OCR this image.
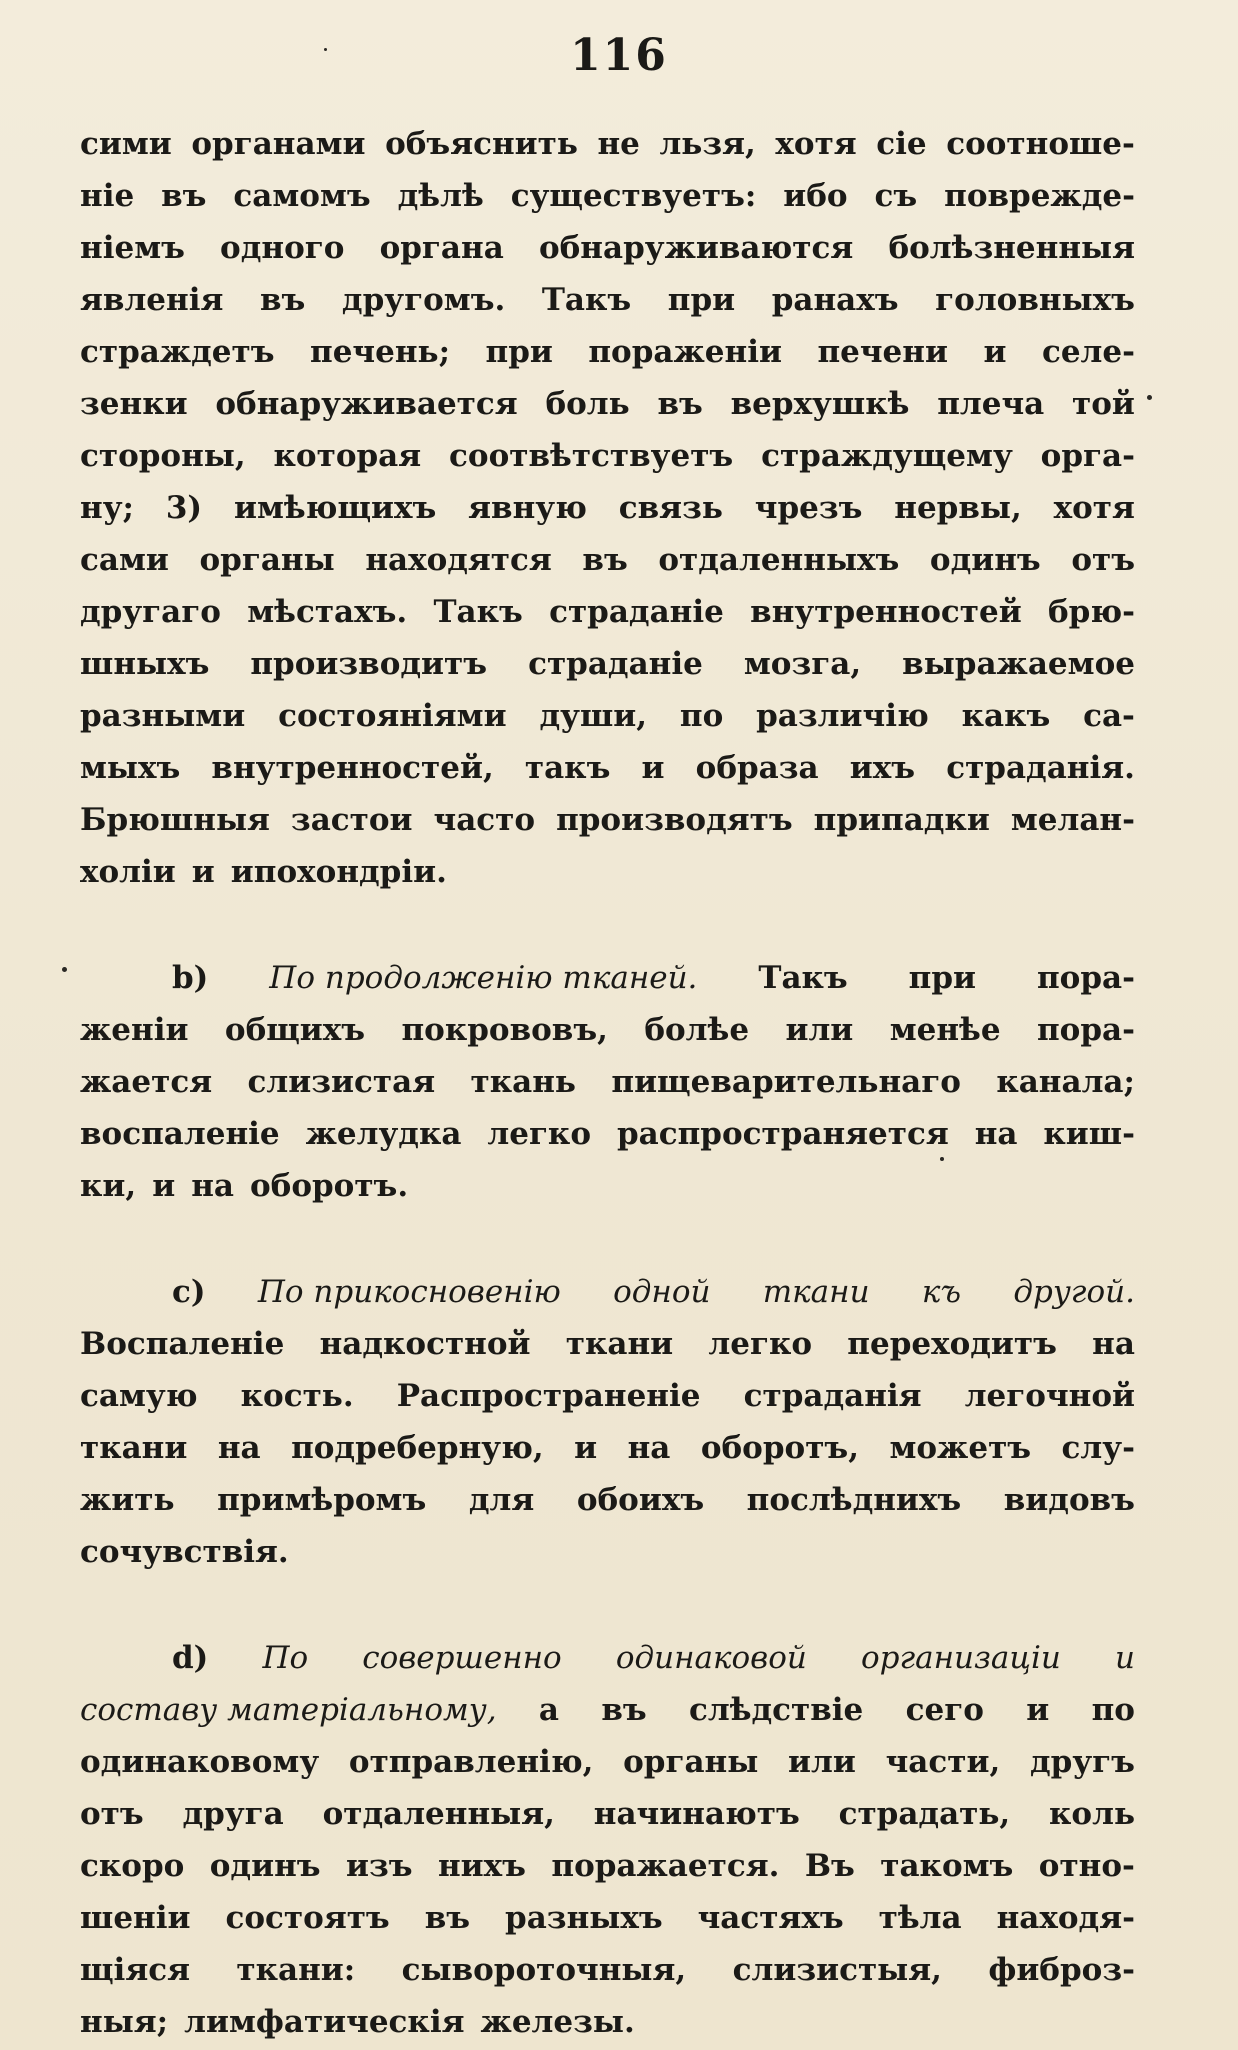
116
сими органами объяснить не льзя, хотя сiе соотноше-
нiе въ самомъ дѣлѣ существуетъ: ибо съ поврежде-
нiемъ одного органа обнаруживаются болѣзненныя
явленiя въ другомъ. Такъ при ранахъ головныхъ
страждетъ печень; при пораженiи печени и селе-
зенки обнаруживается боль въ верхушкѣ плеча той
стороны, которая соотвѣтствуетъ страждущему орга-
ну; 3) имѣющихъ явную связь чрезъ нервы, хотя
сами органы находятся въ отдаленныхъ одинъ отъ
другаго мѣстахъ. Такъ страданiе внутренностей брю-
шныхъ производитъ страданiе мозга, выражаемое
разными состоянiями души, по различiю какъ са-
мыхъ внутренностей, такъ и образа ихъ страданiя.
Брюшныя застои часто производятъ припадки мелан-
холiи и ипохондрiи.
b) По продолженiю тканей. Такъ при пора-
женiи общихъ покрововъ, болѣе или менѣе пора-
жается слизистая ткань пищеварительнаго канала;
воспаленiе желудка легко распространяется на киш-
ки, и на оборотъ.
c) По прикосновенiю одной ткани къ другой.
Воспаленiе надкостной ткани легко переходитъ на
самую кость. Распространенiе страданiя легочной
ткани на подреберную, и на оборотъ, можетъ слу-
жить примѣромъ для обоихъ послѣднихъ видовъ
сочувствiя.
d) По совершенно одинаковой организацiи и
составу матерiальному, а въ слѣдствiе сего и по
одинаковому отправленiю, органы или части, другъ
отъ друга отдаленныя, начинаютъ страдать, коль
скоро одинъ изъ нихъ поражается. Въ такомъ отно-
шенiи состоятъ въ разныхъ частяхъ тѣла находя-
щiяся ткани: сывороточныя, слизистыя, фиброз-
ныя; лимфатическiя железы.
